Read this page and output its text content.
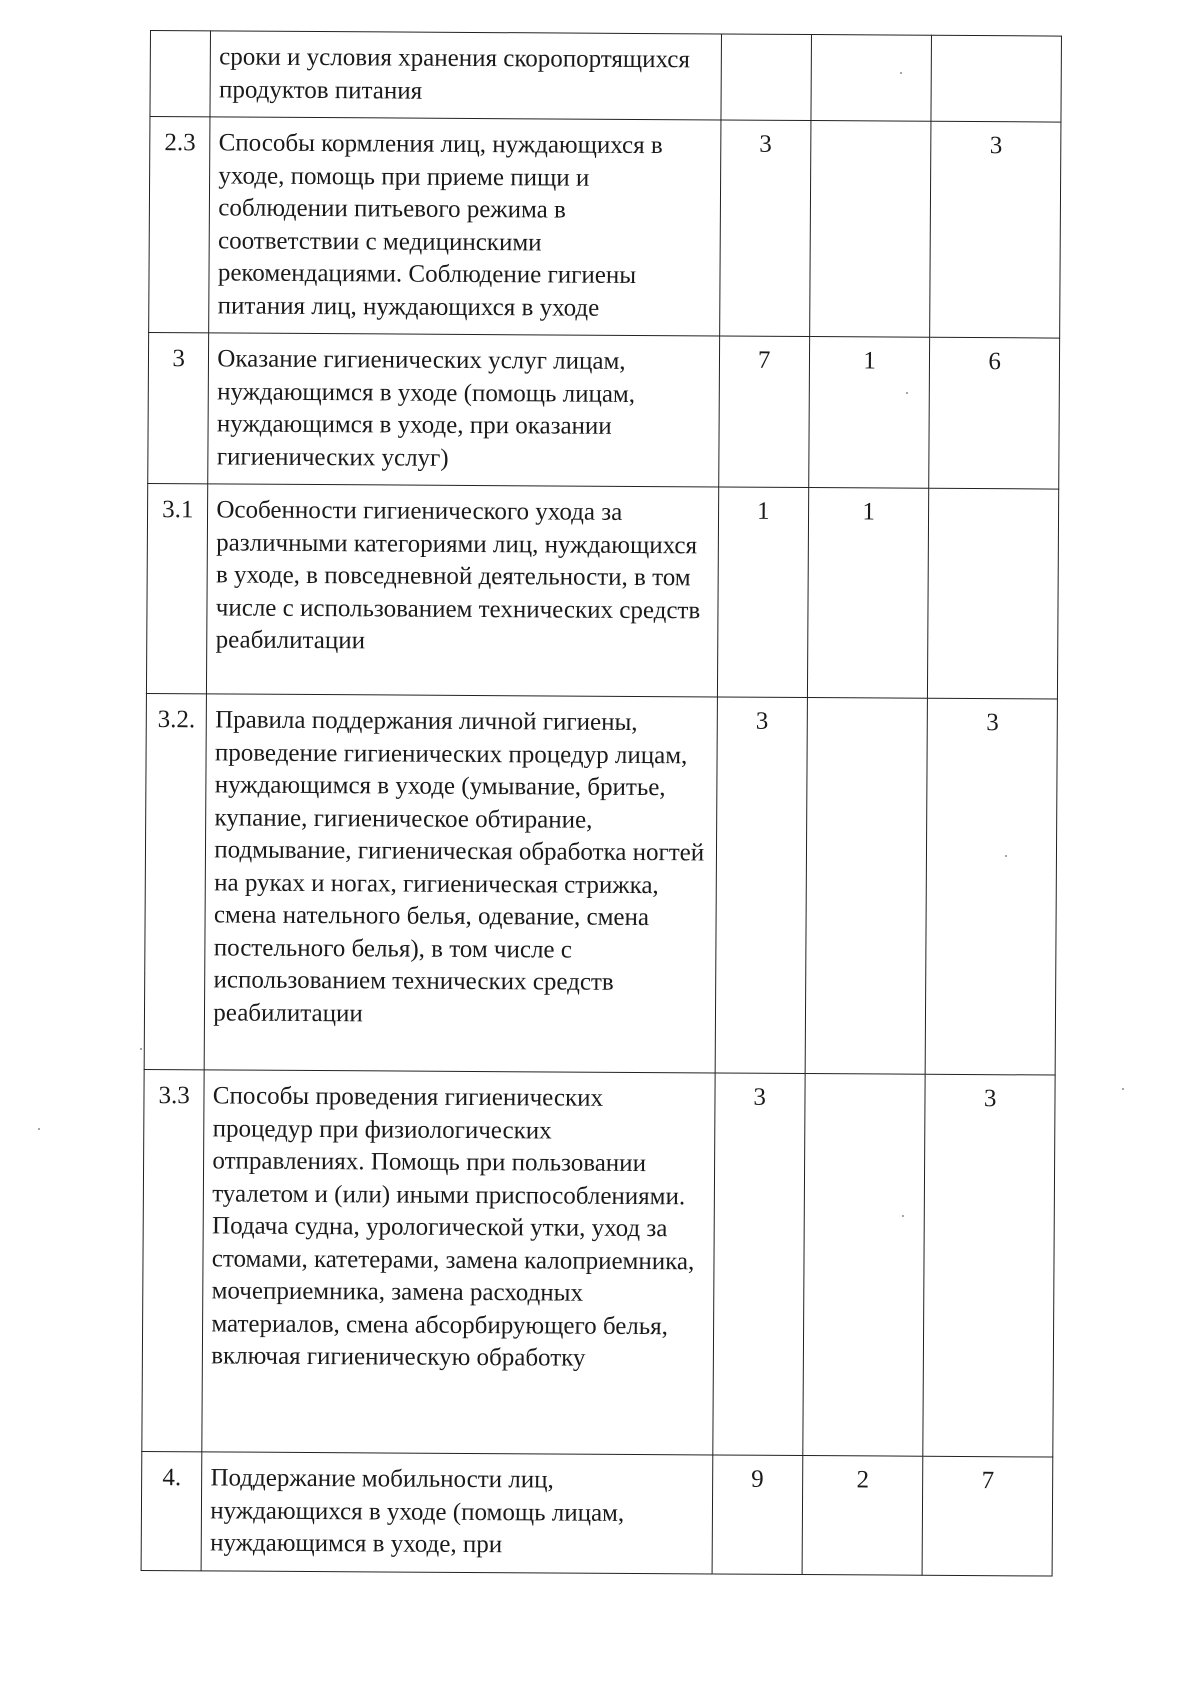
	сроки и условия хранения скоропортящихся продуктов питания			
2.3	Способы кормления лиц, нуждающихся в уходе, помощь при приеме пищи и соблюдении питьевого режима в соответствии с медицинскими рекомендациями. Соблюдение гигиены питания лиц, нуждающихся в уходе	3		3
3	Оказание гигиенических услуг лицам, нуждающимся в уходе (помощь лицам, нуждающимся в уходе, при оказании гигиенических услуг)	7	1	6
3.1	Особенности гигиенического ухода за различными категориями лиц, нуждающихся в уходе, в повседневной деятельности, в том числе с использованием технических средств реабилитации	1	1	
3.2.	Правила поддержания личной гигиены, проведение гигиенических процедур лицам, нуждающимся в уходе (умывание, бритье, купание, гигиеническое обтирание, подмывание, гигиеническая обработка ногтей на руках и ногах, гигиеническая стрижка, смена нательного белья, одевание, смена постельного белья), в том числе с использованием технических средств реабилитации	3		3
3.3	Способы проведения гигиенических процедур при физиологических отправлениях. Помощь при пользовании туалетом и (или) иными приспособлениями. Подача судна, урологической утки, уход за стомами, катетерами, замена калоприемника, мочеприемника, замена расходных материалов, смена абсорбирующего белья, включая гигиеническую обработку	3		3
4.	Поддержание мобильности лиц, нуждающихся в уходе (помощь лицам, нуждающимся в уходе, при	9	2	7
